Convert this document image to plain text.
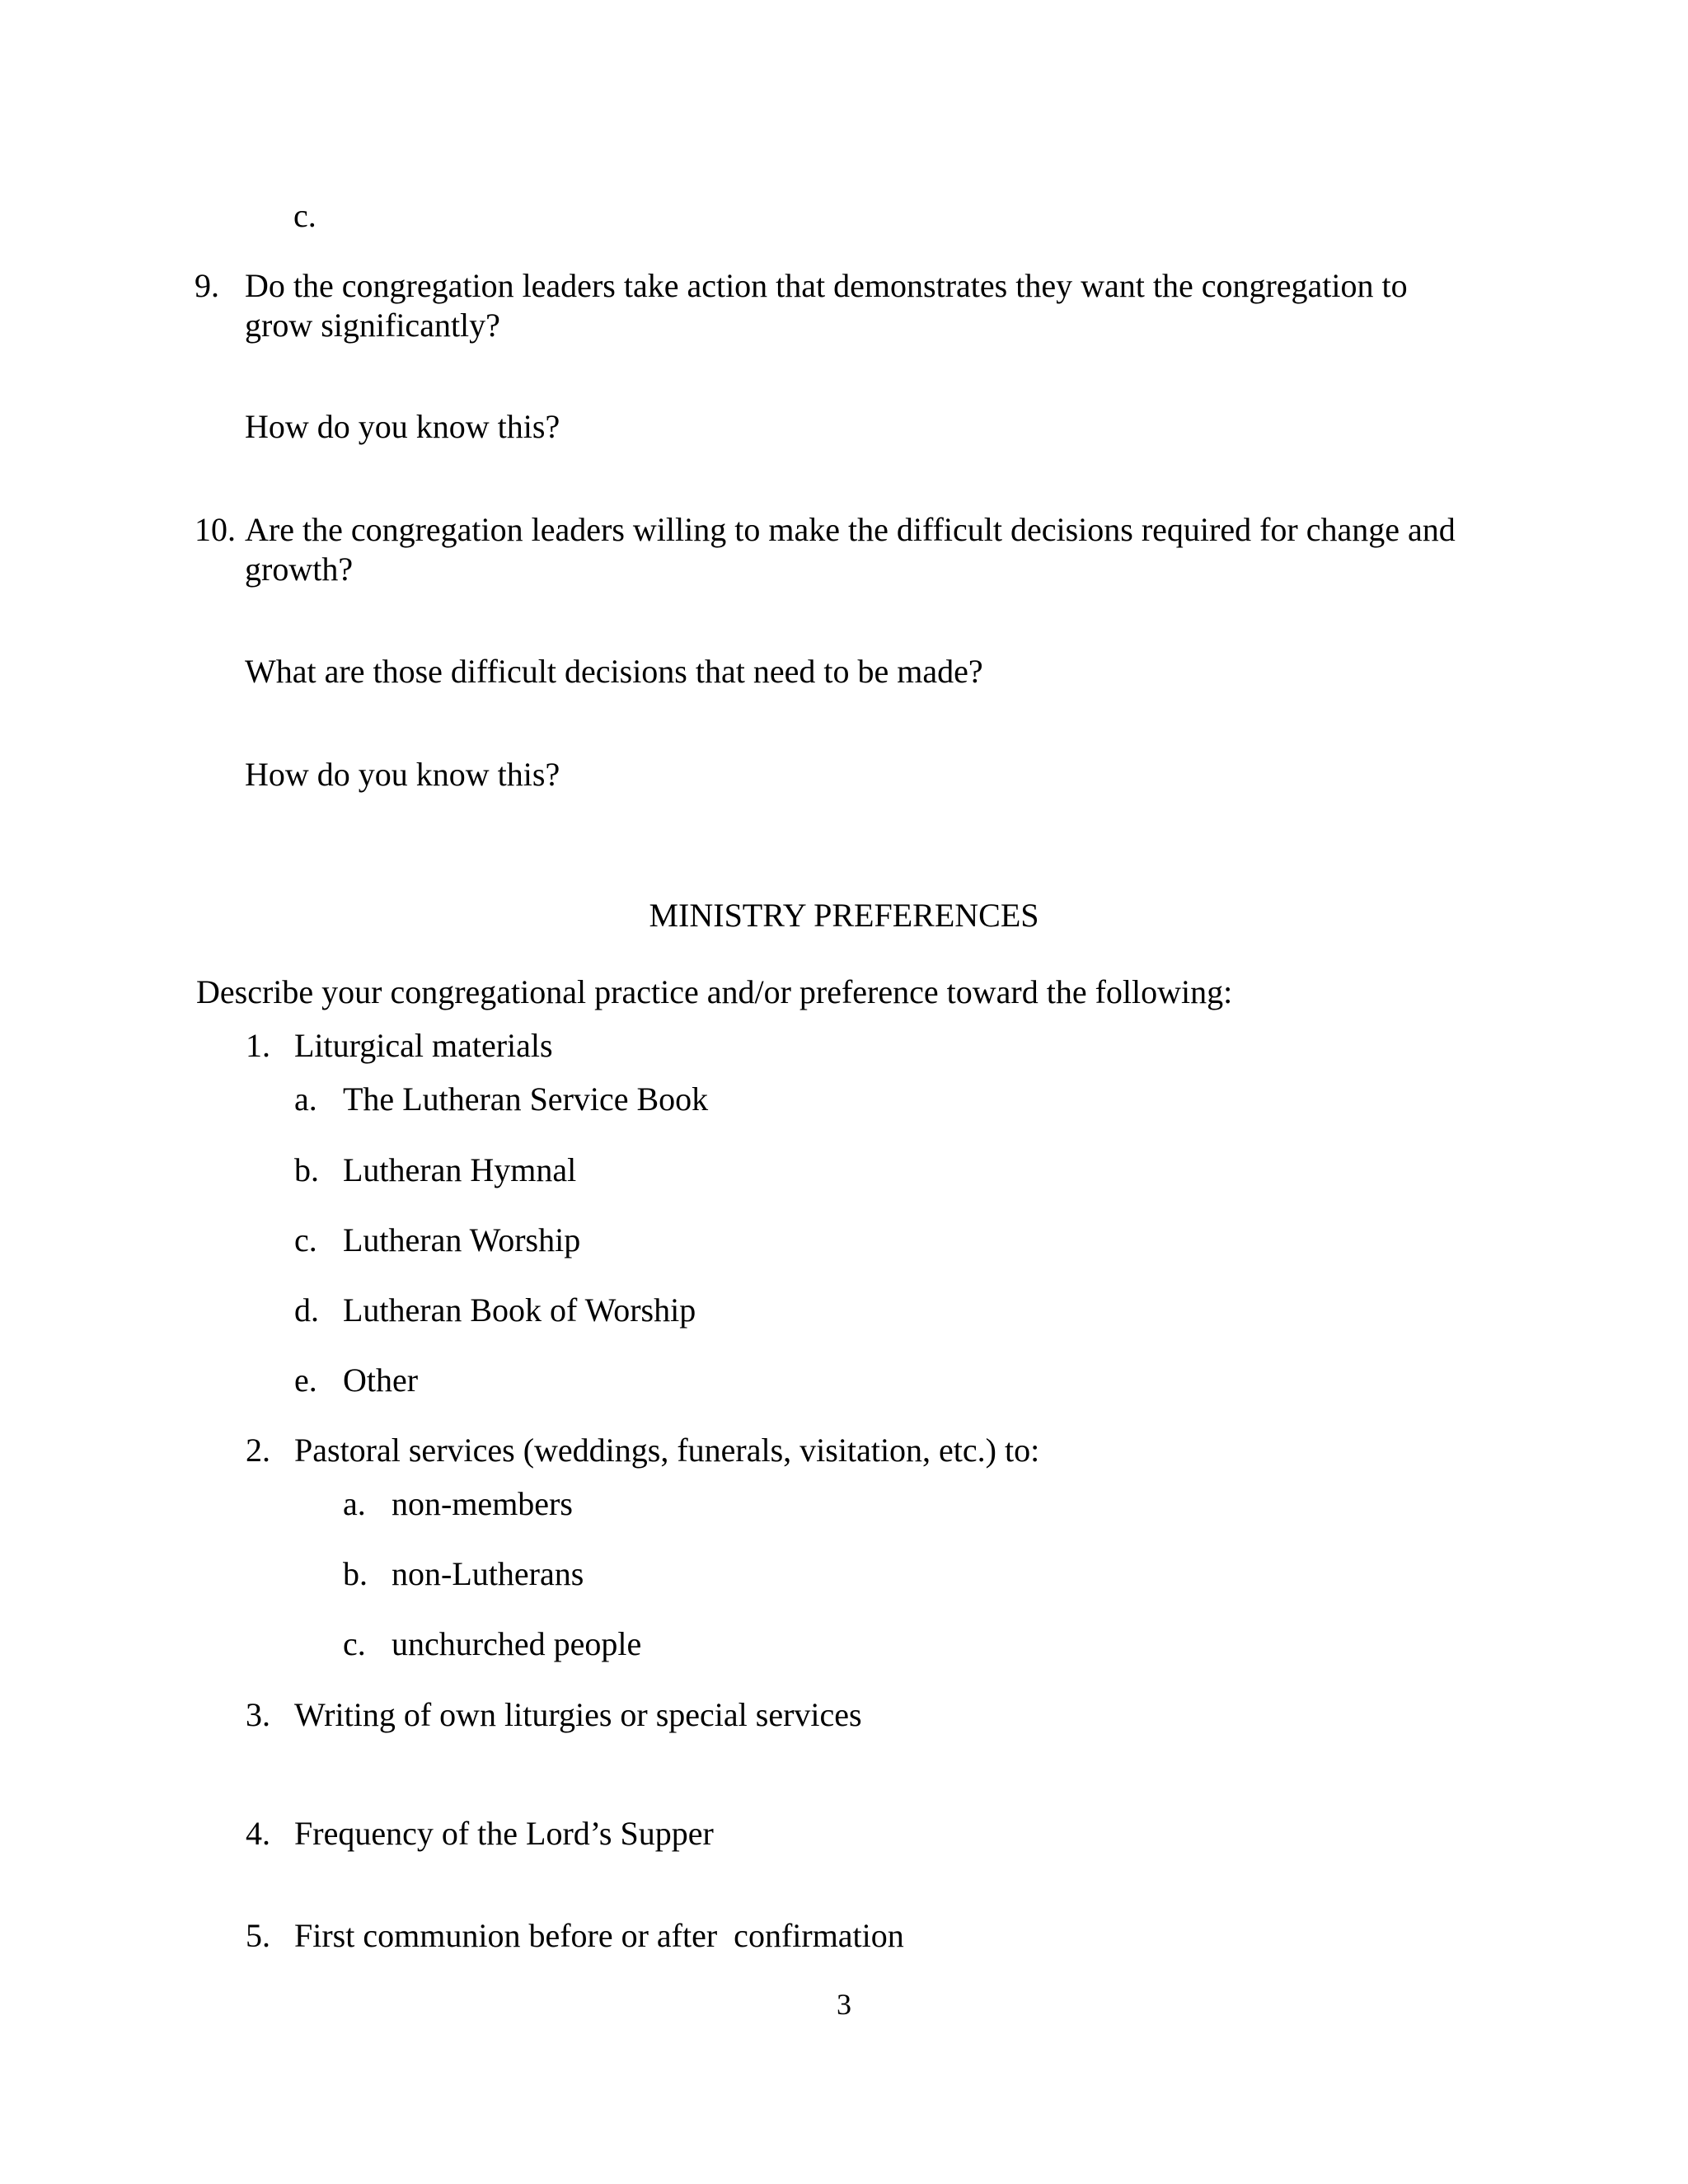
c.
9. Do the congregation leaders take action that demonstrates they want the congregation to
grow significantly?
How do you know this?
10. Are the congregation leaders willing to make the difficult decisions required for change and
growth?
What are those difficult decisions that need to be made?
How do you know this?
MINISTRY PREFERENCES
Describe your congregational practice and/or preference toward the following:
1. Liturgical materials
a. The Lutheran Service Book
b. Lutheran Hymnal
c. Lutheran Worship
d. Lutheran Book of Worship
e. Other
2. Pastoral services (weddings, funerals, visitation, etc.) to:
a. non-members
b. non-Lutherans
c. unchurched people
3. Writing of own liturgies or special services
4. Frequency of the Lord’s Supper
5. First communion before or after  confirmation
3
